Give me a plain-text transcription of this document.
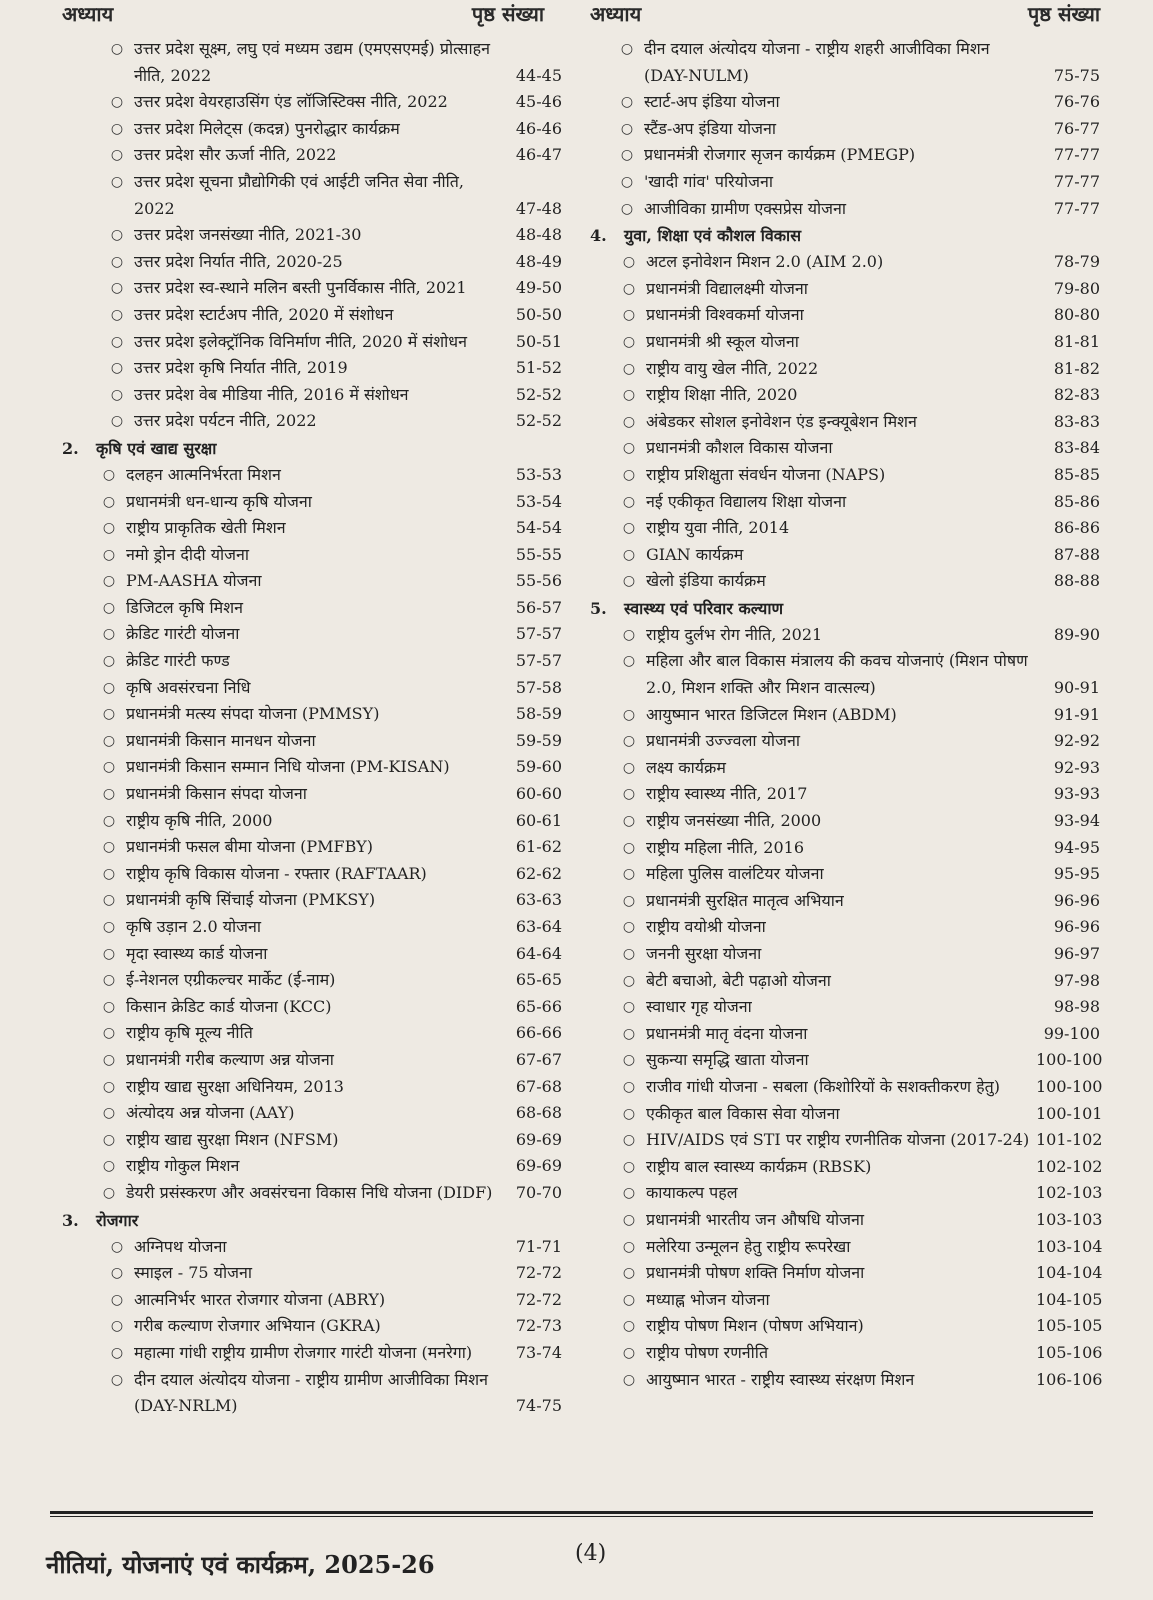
अध्याय	पृष्ठ संख्या
○ उत्तर प्रदेश सूक्ष्म, लघु एवं मध्यम उद्यम (एमएसएमई) प्रोत्साहन नीति, 2022	44-45
○ उत्तर प्रदेश वेयरहाउसिंग एंड लॉजिस्टिक्स नीति, 2022	45-46
○ उत्तर प्रदेश मिलेट्स (कदन्न) पुनरोद्धार कार्यक्रम	46-46
○ उत्तर प्रदेश सौर ऊर्जा नीति, 2022	46-47
○ उत्तर प्रदेश सूचना प्रौद्योगिकी एवं आईटी जनित सेवा नीति, 2022	47-48
○ उत्तर प्रदेश जनसंख्या नीति, 2021-30	48-48
○ उत्तर प्रदेश निर्यात नीति, 2020-25	48-49
○ उत्तर प्रदेश स्व-स्थाने मलिन बस्ती पुनर्विकास नीति, 2021	49-50
○ उत्तर प्रदेश स्टार्टअप नीति, 2020 में संशोधन	50-50
○ उत्तर प्रदेश इलेक्ट्रॉनिक विनिर्माण नीति, 2020 में संशोधन	50-51
○ उत्तर प्रदेश कृषि निर्यात नीति, 2019	51-52
○ उत्तर प्रदेश वेब मीडिया नीति, 2016 में संशोधन	52-52
○ उत्तर प्रदेश पर्यटन नीति, 2022	52-52
2.	कृषि एवं खाद्य सुरक्षा
○ दलहन आत्मनिर्भरता मिशन	53-53
○ प्रधानमंत्री धन-धान्य कृषि योजना	53-54
○ राष्ट्रीय प्राकृतिक खेती मिशन	54-54
○ नमो ड्रोन दीदी योजना	55-55
○ PM-AASHA योजना	55-56
○ डिजिटल कृषि मिशन	56-57
○ क्रेडिट गारंटी योजना	57-57
○ क्रेडिट गारंटी फण्ड	57-57
○ कृषि अवसंरचना निधि	57-58
○ प्रधानमंत्री मत्स्य संपदा योजना (PMMSY)	58-59
○ प्रधानमंत्री किसान मानधन योजना	59-59
○ प्रधानमंत्री किसान सम्मान निधि योजना (PM-KISAN)	59-60
○ प्रधानमंत्री किसान संपदा योजना	60-60
○ राष्ट्रीय कृषि नीति, 2000	60-61
○ प्रधानमंत्री फसल बीमा योजना (PMFBY)	61-62
○ राष्ट्रीय कृषि विकास योजना - रफ्तार (RAFTAAR)	62-62
○ प्रधानमंत्री कृषि सिंचाई योजना (PMKSY)	63-63
○ कृषि उड़ान 2.0 योजना	63-64
○ मृदा स्वास्थ्य कार्ड योजना	64-64
○ ई-नेशनल एग्रीकल्चर मार्केट (ई-नाम)	65-65
○ किसान क्रेडिट कार्ड योजना (KCC)	65-66
○ राष्ट्रीय कृषि मूल्य नीति	66-66
○ प्रधानमंत्री गरीब कल्याण अन्न योजना	67-67
○ राष्ट्रीय खाद्य सुरक्षा अधिनियम, 2013	67-68
○ अंत्योदय अन्न योजना (AAY)	68-68
○ राष्ट्रीय खाद्य सुरक्षा मिशन (NFSM)	69-69
○ राष्ट्रीय गोकुल मिशन	69-69
○ डेयरी प्रसंस्करण और अवसंरचना विकास निधि योजना (DIDF)	70-70
3.	रोजगार
○ अग्निपथ योजना	71-71
○ स्माइल - 75 योजना	72-72
○ आत्मनिर्भर भारत रोजगार योजना (ABRY)	72-72
○ गरीब कल्याण रोजगार अभियान (GKRA)	72-73
○ महात्मा गांधी राष्ट्रीय ग्रामीण रोजगार गारंटी योजना (मनरेगा)	73-74
○ दीन दयाल अंत्योदय योजना - राष्ट्रीय ग्रामीण आजीविका मिशन (DAY-NRLM)	74-75
अध्याय	पृष्ठ संख्या
○ दीन दयाल अंत्योदय योजना - राष्ट्रीय शहरी आजीविका मिशन (DAY-NULM)	75-75
○ स्टार्ट-अप इंडिया योजना	76-76
○ स्टैंड-अप इंडिया योजना	76-77
○ प्रधानमंत्री रोजगार सृजन कार्यक्रम (PMEGP)	77-77
○ 'खादी गांव' परियोजना	77-77
○ आजीविका ग्रामीण एक्सप्रेस योजना	77-77
4.	युवा, शिक्षा एवं कौशल विकास
○ अटल इनोवेशन मिशन 2.0 (AIM 2.0)	78-79
○ प्रधानमंत्री विद्यालक्ष्मी योजना	79-80
○ प्रधानमंत्री विश्वकर्मा योजना	80-80
○ प्रधानमंत्री श्री स्कूल योजना	81-81
○ राष्ट्रीय वायु खेल नीति, 2022	81-82
○ राष्ट्रीय शिक्षा नीति, 2020	82-83
○ अंबेडकर सोशल इनोवेशन एंड इन्क्यूबेशन मिशन	83-83
○ प्रधानमंत्री कौशल विकास योजना	83-84
○ राष्ट्रीय प्रशिक्षुता संवर्धन योजना (NAPS)	85-85
○ नई एकीकृत विद्यालय शिक्षा योजना	85-86
○ राष्ट्रीय युवा नीति, 2014	86-86
○ GIAN कार्यक्रम	87-88
○ खेलो इंडिया कार्यक्रम	88-88
5.	स्वास्थ्य एवं परिवार कल्याण
○ राष्ट्रीय दुर्लभ रोग नीति, 2021	89-90
○ महिला और बाल विकास मंत्रालय की कवच योजनाएं (मिशन पोषण 2.0, मिशन शक्ति और मिशन वात्सल्य)	90-91
○ आयुष्मान भारत डिजिटल मिशन (ABDM)	91-91
○ प्रधानमंत्री उज्ज्वला योजना	92-92
○ लक्ष्य कार्यक्रम	92-93
○ राष्ट्रीय स्वास्थ्य नीति, 2017	93-93
○ राष्ट्रीय जनसंख्या नीति, 2000	93-94
○ राष्ट्रीय महिला नीति, 2016	94-95
○ महिला पुलिस वालंटियर योजना	95-95
○ प्रधानमंत्री सुरक्षित मातृत्व अभियान	96-96
○ राष्ट्रीय वयोश्री योजना	96-96
○ जननी सुरक्षा योजना	96-97
○ बेटी बचाओ, बेटी पढ़ाओ योजना	97-98
○ स्वाधार गृह योजना	98-98
○ प्रधानमंत्री मातृ वंदना योजना	99-100
○ सुकन्या समृद्धि खाता योजना	100-100
○ राजीव गांधी योजना - सबला (किशोरियों के सशक्तीकरण हेतु)	100-100
○ एकीकृत बाल विकास सेवा योजना	100-101
○ HIV/AIDS एवं STI पर राष्ट्रीय रणनीतिक योजना (2017-24) 101-102
○ राष्ट्रीय बाल स्वास्थ्य कार्यक्रम (RBSK)	102-102
○ कायाकल्प पहल	102-103
○ प्रधानमंत्री भारतीय जन औषधि योजना	103-103
○ मलेरिया उन्मूलन हेतु राष्ट्रीय रूपरेखा	103-104
○ प्रधानमंत्री पोषण शक्ति निर्माण योजना	104-104
○ मध्याह्न भोजन योजना	104-105
○ राष्ट्रीय पोषण मिशन (पोषण अभियान)	105-105
○ राष्ट्रीय पोषण रणनीति	105-106
○ आयुष्मान भारत - राष्ट्रीय स्वास्थ्य संरक्षण मिशन	106-106
नीतियां, योजनाएं एवं कार्यक्रम, 2025-26	(4)
